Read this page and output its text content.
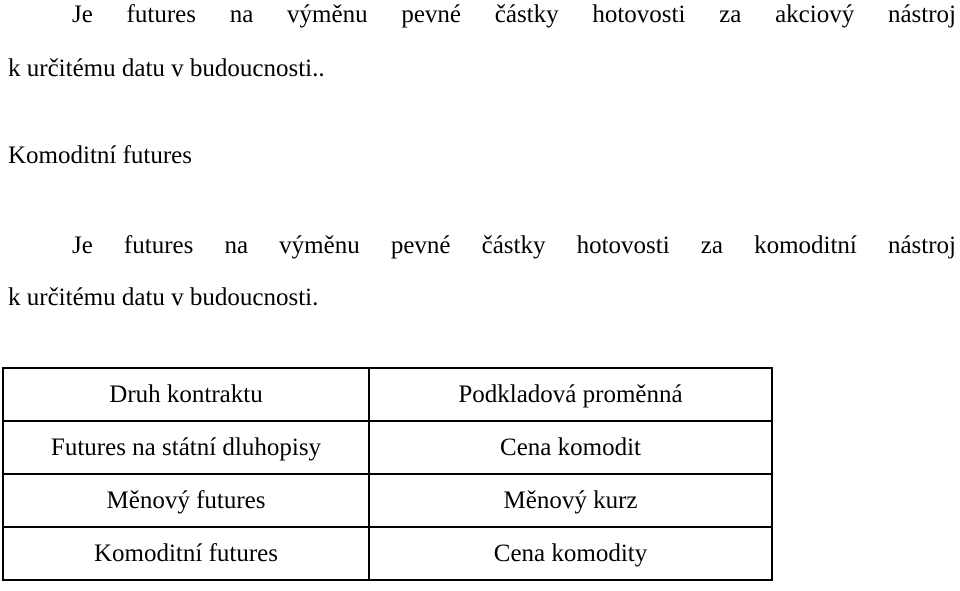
Je futures na výměnu pevné částky hotovosti za akciový nástroj
k určitému datu v budoucnosti..
Komoditní futures
Je futures na výměnu pevné částky hotovosti za komoditní nástroj
k určitému datu v budoucnosti.
Druh kontraktu	Podkladová proměnná
Futures na státní dluhopisy	Cena komodit
Měnový futures	Měnový kurz
Komoditní futures	Cena komodity
